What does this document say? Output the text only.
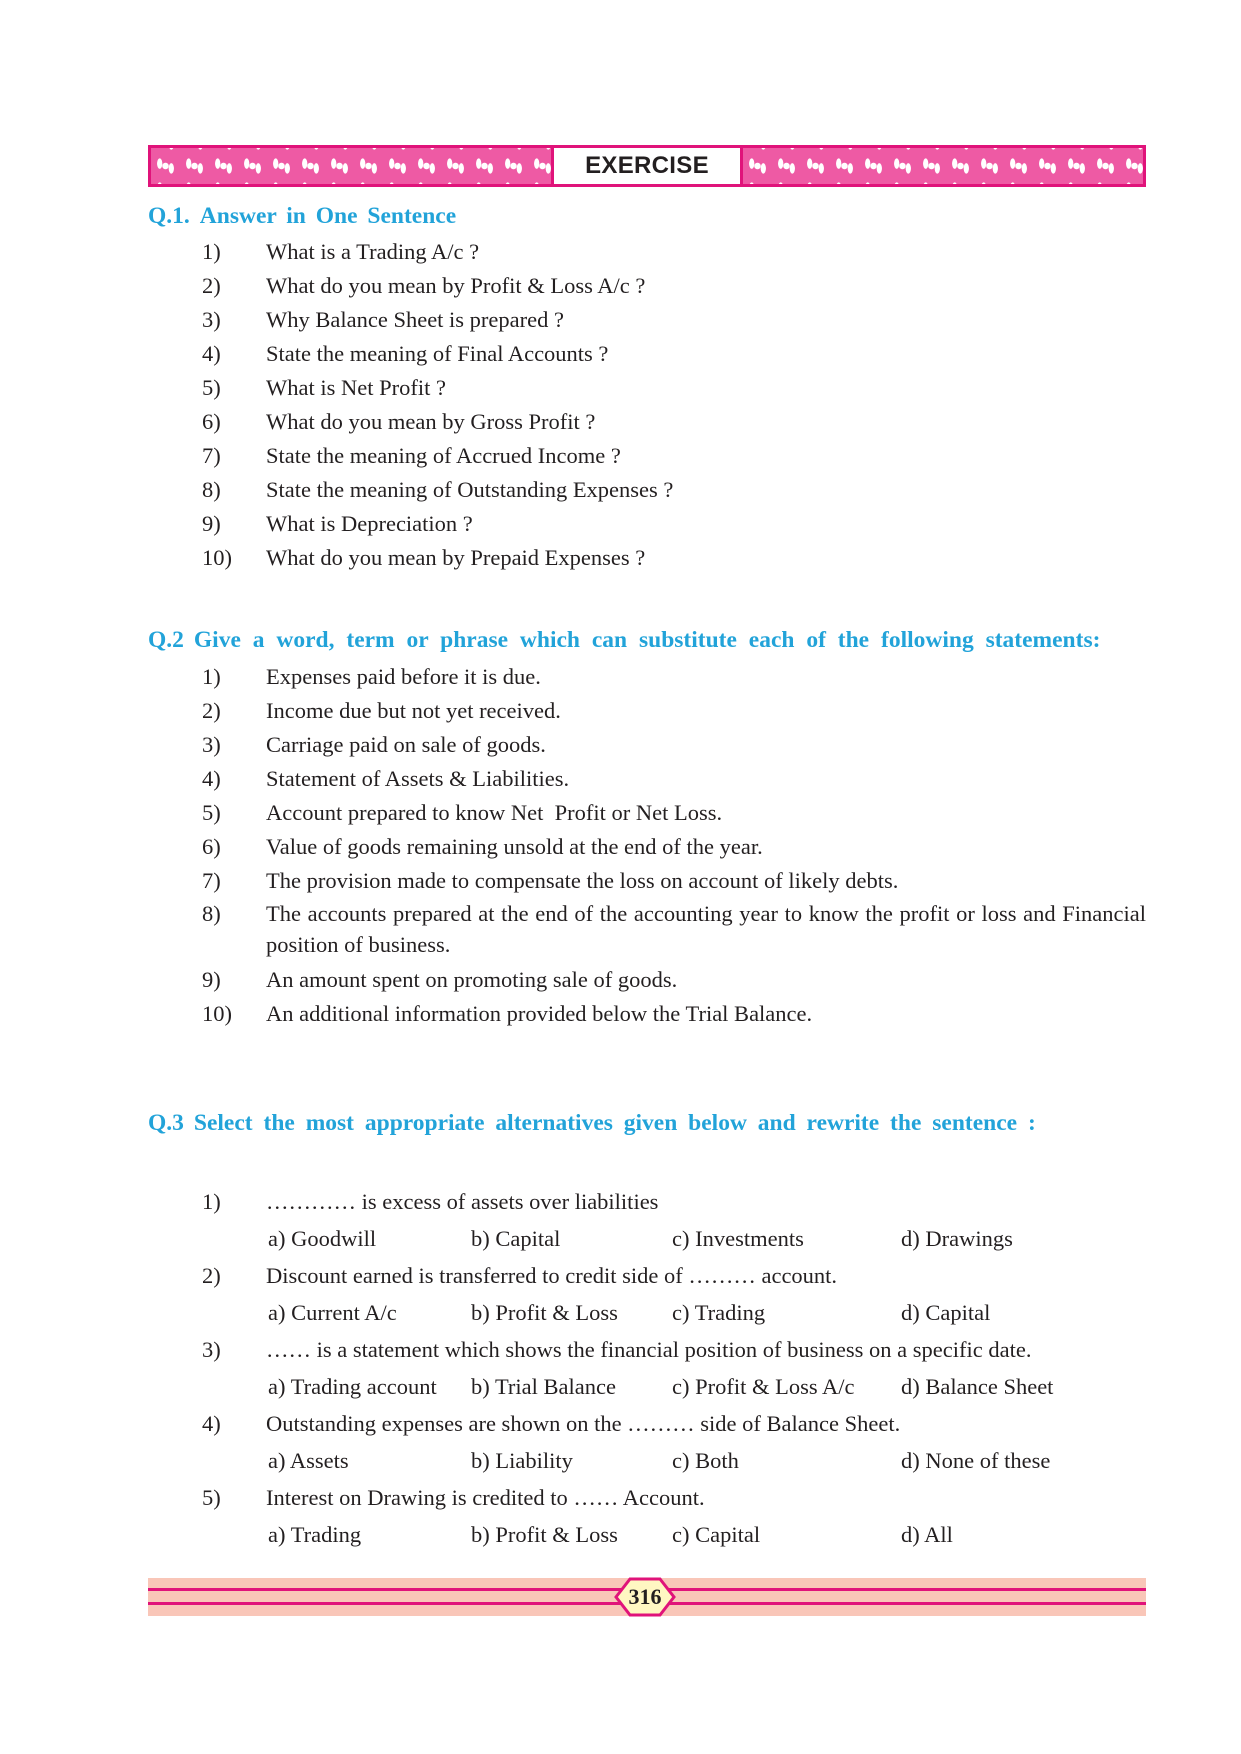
EXERCISE
Q.1. Answer in One Sentence
1)	What is a Trading A/c ?
2)	What do you mean by Profit & Loss A/c ?
3)	Why Balance Sheet is prepared ?
4)	State the meaning of Final Accounts ?
5)	What is Net Profit ?
6)	What do you mean by Gross Profit ?
7)	State the meaning of Accrued Income ?
8)	State the meaning of Outstanding Expenses ?
9)	What is Depreciation ?
10)	What do you mean by Prepaid Expenses ?
Q.2 Give a word, term or phrase which can substitute each of the following statements:
1)	Expenses paid before it is due.
2)	Income due but not yet received.
3)	Carriage paid on sale of goods.
4)	Statement of Assets & Liabilities.
5)	Account prepared to know Net  Profit or Net Loss.
6)	Value of goods remaining unsold at the end of the year.
7)	The provision made to compensate the loss on account of likely debts.
8)	The accounts prepared at the end of the accounting year to know the profit or loss and Financial position of business.
9)	An amount spent on promoting sale of goods.
10)	An additional information provided below the Trial Balance.
Q.3 Select the most appropriate alternatives given below and rewrite the sentence :
1) ………… is excess of assets over liabilities
a) Goodwill	b) Capital	c) Investments	d) Drawings
2) Discount earned is transferred to credit side of ……… account.
a) Current A/c	b) Profit & Loss	c) Trading	d) Capital
3) …… is a statement which shows the financial position of business on a specific date.
a) Trading account	b) Trial Balance	c) Profit & Loss A/c	d) Balance Sheet
4) Outstanding expenses are shown on the ……… side of Balance Sheet.
a) Assets	b) Liability	c) Both	d) None of these
5) Interest on Drawing is credited to …… Account.
a) Trading	b) Profit & Loss	c) Capital	d) All
316
